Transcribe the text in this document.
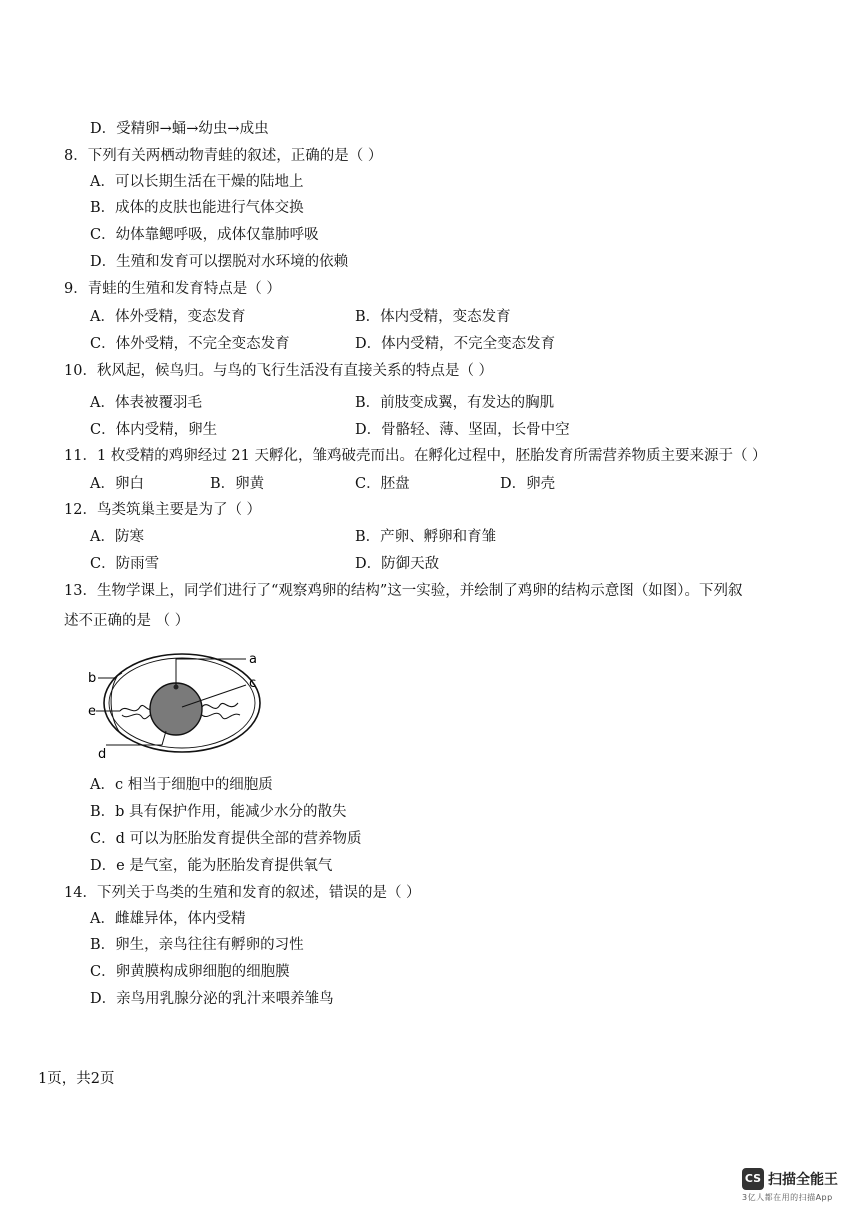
D．受精卵→蛹→幼虫→成虫
8．下列有关两栖动物青蛙的叙述，正确的是（ ）
A．可以长期生活在干燥的陆地上
B．成体的皮肤也能进行气体交换
C．幼体靠鳃呼吸，成体仅靠肺呼吸
D．生殖和发育可以摆脱对水环境的依赖
9．青蛙的生殖和发育特点是（ ）
A．体外受精，变态发育	B．体内受精，变态发育
C．体外受精，不完全变态发育	D．体内受精，不完全变态发育
10．秋风起，候鸟归。与鸟的飞行生活没有直接关系的特点是（ ）
A．体表被覆羽毛	B．前肢变成翼，有发达的胸肌
C．体内受精，卵生	D．骨骼轻、薄、坚固，长骨中空
11．1 枚受精的鸡卵经过 21 天孵化，雏鸡破壳而出。在孵化过程中，胚胎发育所需营养物质主要来源于（ ）
A．卵白	B．卵黄	C．胚盘	D．卵壳
12．鸟类筑巢主要是为了（ ）
A．防寒	B．产卵、孵卵和育雏
C．防雨雪	D．防御天敌
13．生物学课上，同学们进行了“观察鸡卵的结构”这一实验，并绘制了鸡卵的结构示意图（如图）。下列叙
述不正确的是 （ ）
a
c
b
e
d
A．c 相当于细胞中的细胞质
B．b 具有保护作用，能减少水分的散失
C．d 可以为胚胎发育提供全部的营养物质
D．e 是气室，能为胚胎发育提供氧气
14．下列关于鸟类的生殖和发育的叙述，错误的是（ ）
A．雌雄异体，体内受精
B．卵生，亲鸟往往有孵卵的习性
C．卵黄膜构成卵细胞的细胞膜
D．亲鸟用乳腺分泌的乳汁来喂养雏鸟
1页，共2页
CS 扫描全能王
3亿人都在用的扫描App
